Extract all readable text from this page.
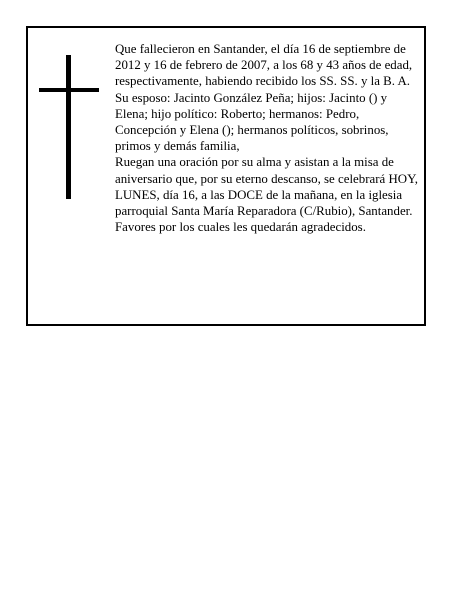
Que fallecieron en Santander, el día 16 de septiembre de 2012 y 16 de febrero de 2007, a los 68 y 43 años de edad, respectivamente, habiendo recibido los SS. SS. y la B. A.

Su esposo: Jacinto González Peña; hijos: Jacinto () y Elena; hijo político: Roberto; hermanos: Pedro, Concepción y Elena (); hermanos políticos, sobrinos, primos y demás familia,

Ruegan una oración por su alma y asistan a la misa de aniversario que, por su eterno descanso, se celebrará HOY, LUNES, día 16, a las DOCE de la mañana, en la iglesia parroquial Santa María Reparadora (C/Rubio), Santander. Favores por los cuales les quedarán agradecidos.
